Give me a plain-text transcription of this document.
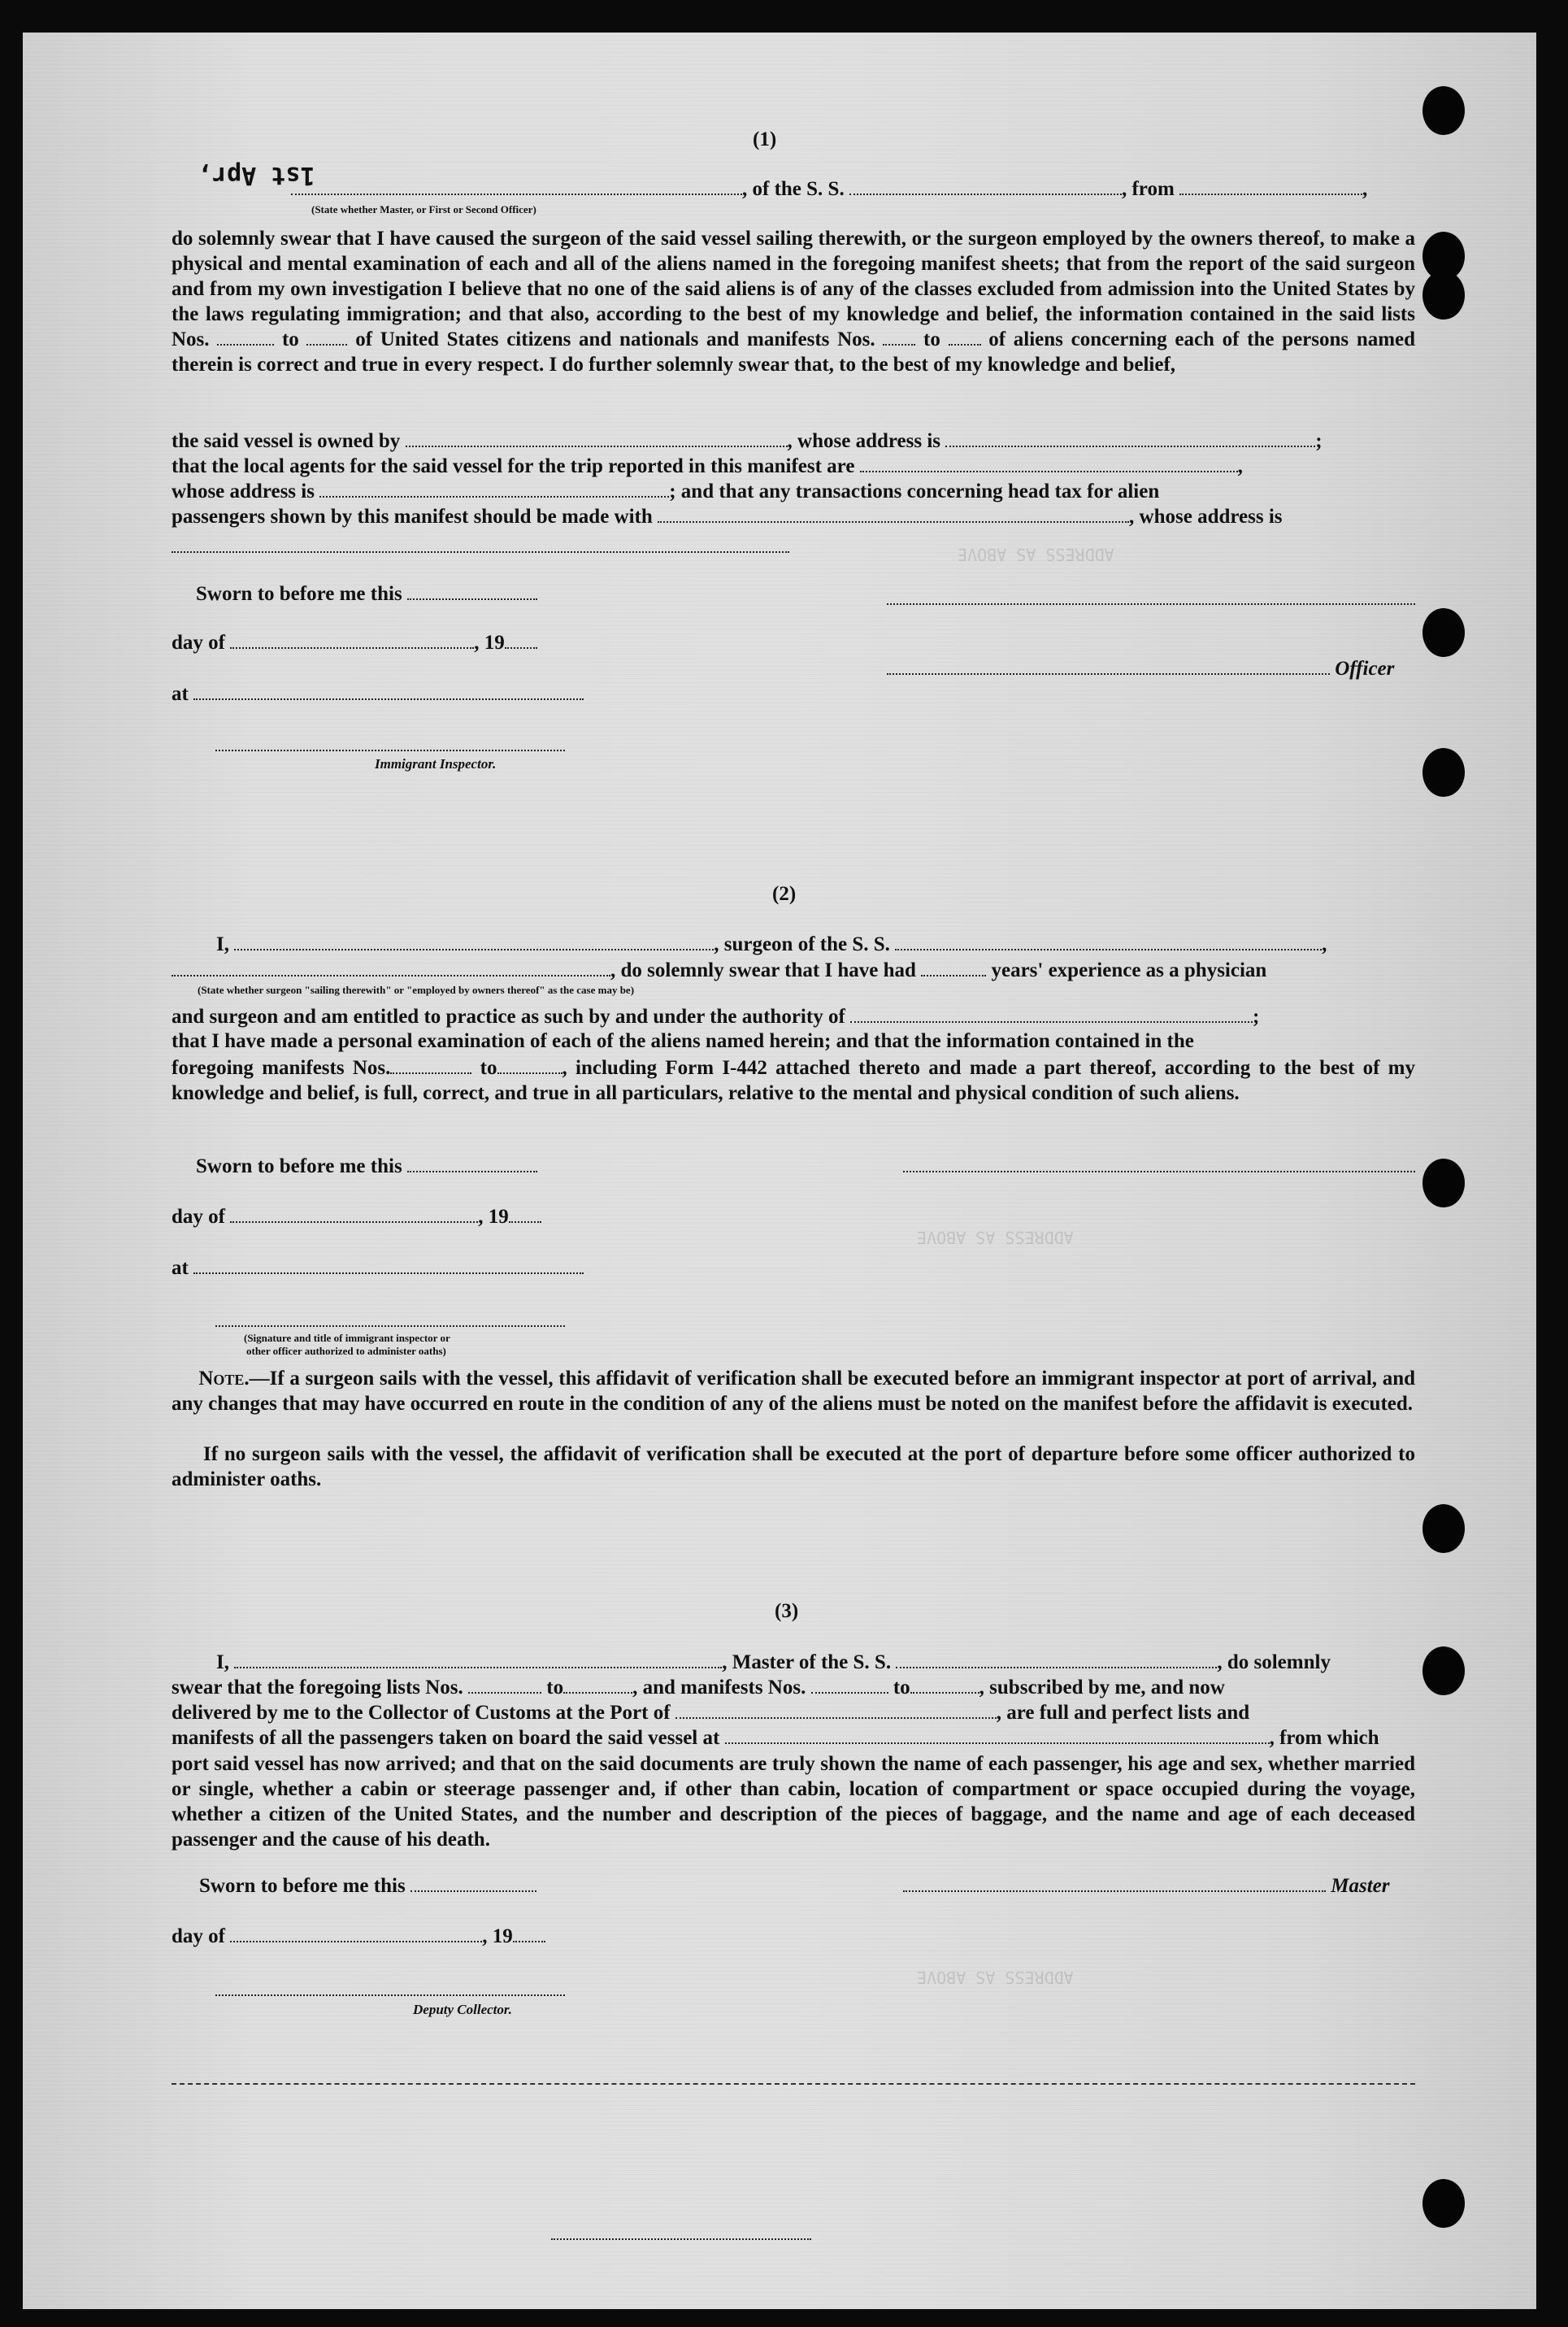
ADDRESS AS ABOVE
ADDRESS AS ABOVE
ADDRESS AS ABOVE
(1)
1st Apr,	, of the S. S.	, from	,
(State whether Master, or First or Second Officer)
do solemnly swear that I have caused the surgeon of the said vessel sailing therewith, or the surgeon employed by the owners thereof, to make a physical and mental examination of each and all of the aliens named in the foregoing manifest sheets; that from the report of the said surgeon and from my own investigation I believe that no one of the said aliens is of any of the classes excluded from admission into the United States by the laws regulating immigration; and that also, according to the best of my knowledge and belief, the information contained in the said lists Nos.	to	of United States citizens and nationals and manifests Nos. to of aliens concerning each of the persons named therein is correct and true in every respect. I do further solemnly swear that, to the best of my knowledge and belief,
the said vessel is owned by	, whose address is	;
that the local agents for the said vessel for the trip reported in this manifest are	,
whose address is	; and that any transactions concerning head tax for alien
passengers shown by this manifest should be made with	, whose address is
Sworn to before me this
day of	, 19
Officer
at
Immigrant Inspector.
(2)
I,	, surgeon of the S. S.	,
, do solemnly swear that I have had	years' experience as a physician
(State whether surgeon "sailing therewith" or "employed by owners thereof" as the case may be)
and surgeon and am entitled to practice as such by and under the authority of	;
that I have made a personal examination of each of the aliens named herein; and that the information contained in the
foregoing manifests Nos.	to	, including Form I-442 attached thereto and made a part thereof, according to the best of my knowledge and belief, is full, correct, and true in all particulars, relative to the mental and physical condition of such aliens.
Sworn to before me this
day of	, 19
at
(Signature and title of immigrant inspector or
other officer authorized to administer oaths)
Note.—If a surgeon sails with the vessel, this affidavit of verification shall be executed before an immigrant inspector at port of arrival, and any changes that may have occurred en route in the condition of any of the aliens must be noted on the manifest before the affidavit is executed.
If no surgeon sails with the vessel, the affidavit of verification shall be executed at the port of departure before some officer authorized to administer oaths.
(3)
I,	, Master of the S. S.	, do solemnly
swear that the foregoing lists Nos.	to	, and manifests Nos.	to	, subscribed by me, and now
delivered by me to the Collector of Customs at the Port of	, are full and perfect lists and
manifests of all the passengers taken on board the said vessel at	, from which
port said vessel has now arrived; and that on the said documents are truly shown the name of each passenger, his age and sex, whether married or single, whether a cabin or steerage passenger and, if other than cabin, location of compartment or space occupied during the voyage, whether a citizen of the United States, and the number and description of the pieces of baggage, and the name and age of each deceased passenger and the cause of his death.
Sworn to before me this	Master
day of	, 19
Deputy Collector.
